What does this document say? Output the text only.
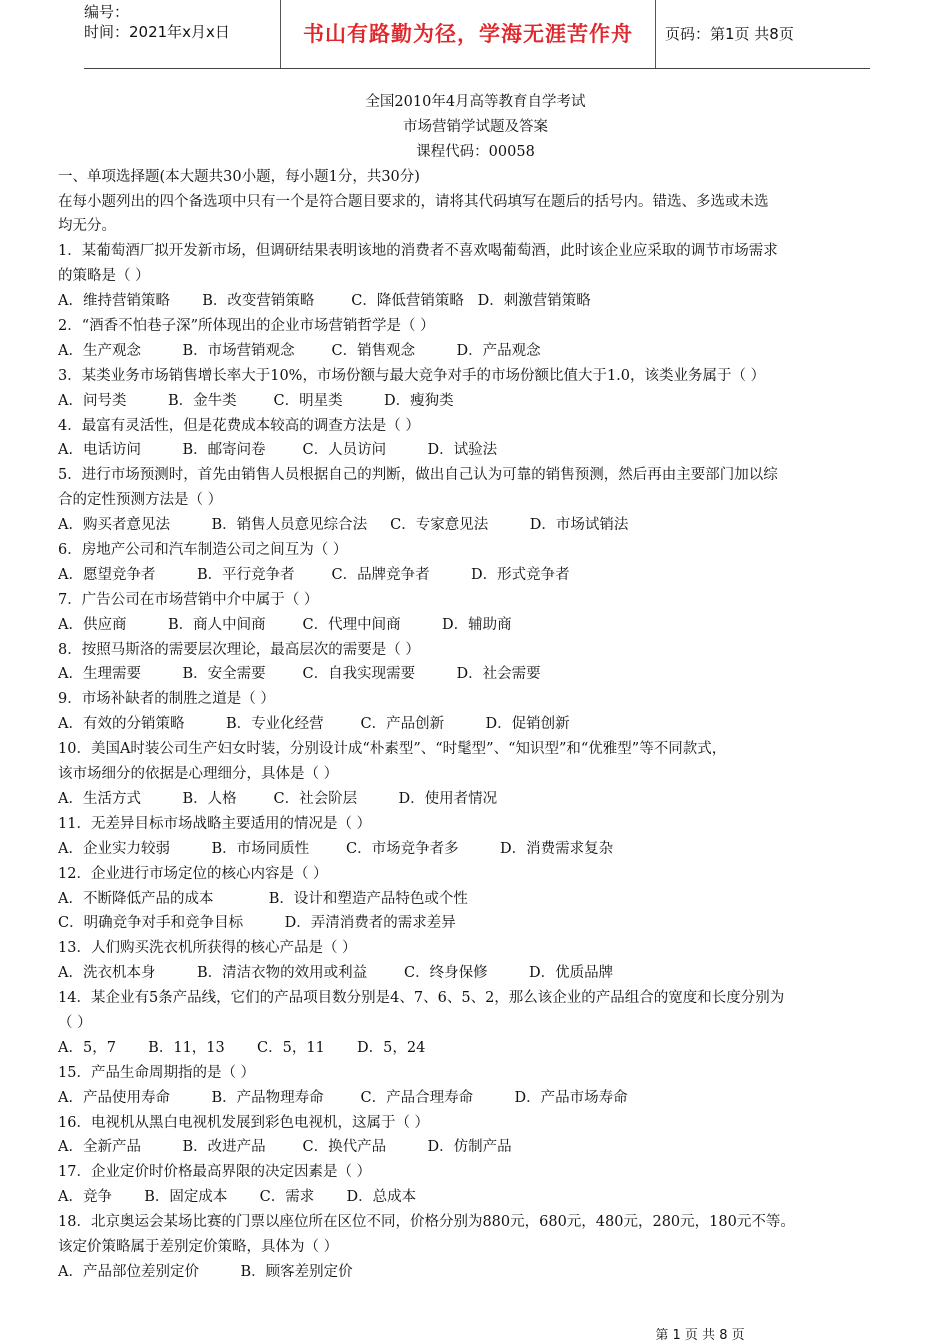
编号：
时间：2021年x月x日	书山有路勤为径，学海无涯苦作舟	页码：第1页 共8页
全国2010年4月高等教育自学考试
市场营销学试题及答案
课程代码：00058
一、单项选择题(本大题共30小题，每小题1分，共30分)
在每小题列出的四个备选项中只有一个是符合题目要求的，请将其代码填写在题后的括号内。错选、多选或未选
均无分。
1．某葡萄酒厂拟开发新市场，但调研结果表明该地的消费者不喜欢喝葡萄酒，此时该企业应采取的调节市场需求
的策略是（ ）
A．维持营销策略       B．改变营销策略        C．降低营销策略   D．刺激营销策略
2．“酒香不怕巷子深”所体现出的企业市场营销哲学是（ ）
A．生产观念         B．市场营销观念        C．销售观念         D．产品观念
3．某类业务市场销售增长率大于10%，市场份额与最大竞争对手的市场份额比值大于1.0，该类业务属于（ ）
A．问号类         B．金牛类        C．明星类         D．瘦狗类
4．最富有灵活性，但是花费成本较高的调查方法是（ ）
A．电话访问         B．邮寄问卷        C．人员访问         D．试验法
5．进行市场预测时，首先由销售人员根据自己的判断，做出自己认为可靠的销售预测，然后再由主要部门加以综
合的定性预测方法是（ ）
A．购买者意见法         B．销售人员意见综合法     C．专家意见法         D．市场试销法
6．房地产公司和汽车制造公司之间互为（ ）
A．愿望竞争者         B．平行竞争者        C．品牌竞争者         D．形式竞争者
7．广告公司在市场营销中介中属于（ ）
A．供应商         B．商人中间商        C．代理中间商         D．辅助商
8．按照马斯洛的需要层次理论，最高层次的需要是（ ）
A．生理需要         B．安全需要        C．自我实现需要         D．社会需要
9．市场补缺者的制胜之道是（ ）
A．有效的分销策略         B．专业化经营        C．产品创新         D．促销创新
10．美国A时装公司生产妇女时装，分别设计成“朴素型”、“时髦型”、“知识型”和“优雅型”等不同款式，
该市场细分的依据是心理细分，具体是（ ）
A．生活方式         B．人格        C．社会阶层         D．使用者情况
11．无差异目标市场战略主要适用的情况是（ ）
A．企业实力较弱         B．市场同质性        C．市场竞争者多         D．消费需求复杂
12．企业进行市场定位的核心内容是（ ）
A．不断降低产品的成本            B．设计和塑造产品特色或个性
C．明确竞争对手和竞争目标         D．弄清消费者的需求差异
13．人们购买洗衣机所获得的核心产品是（ ）
A．洗衣机本身         B．清洁衣物的效用或利益        C．终身保修         D．优质品牌
14．某企业有5条产品线，它们的产品项目数分别是4、7、6、5、2，那么该企业的产品组合的宽度和长度分别为
（ ）
A．5，7       B．11，13       C．5，11       D．5，24
15．产品生命周期指的是（ ）
A．产品使用寿命         B．产品物理寿命        C．产品合理寿命         D．产品市场寿命
16．电视机从黑白电视机发展到彩色电视机，这属于（ ）
A．全新产品         B．改进产品        C．换代产品         D．仿制产品
17．企业定价时价格最高界限的决定因素是（ ）
A．竞争       B．固定成本       C．需求       D．总成本
18．北京奥运会某场比赛的门票以座位所在区位不同，价格分别为880元，680元，480元，280元，180元不等。
该定价策略属于差别定价策略，具体为（ ）
A．产品部位差别定价         B．顾客差别定价
第 1 页 共 8 页
